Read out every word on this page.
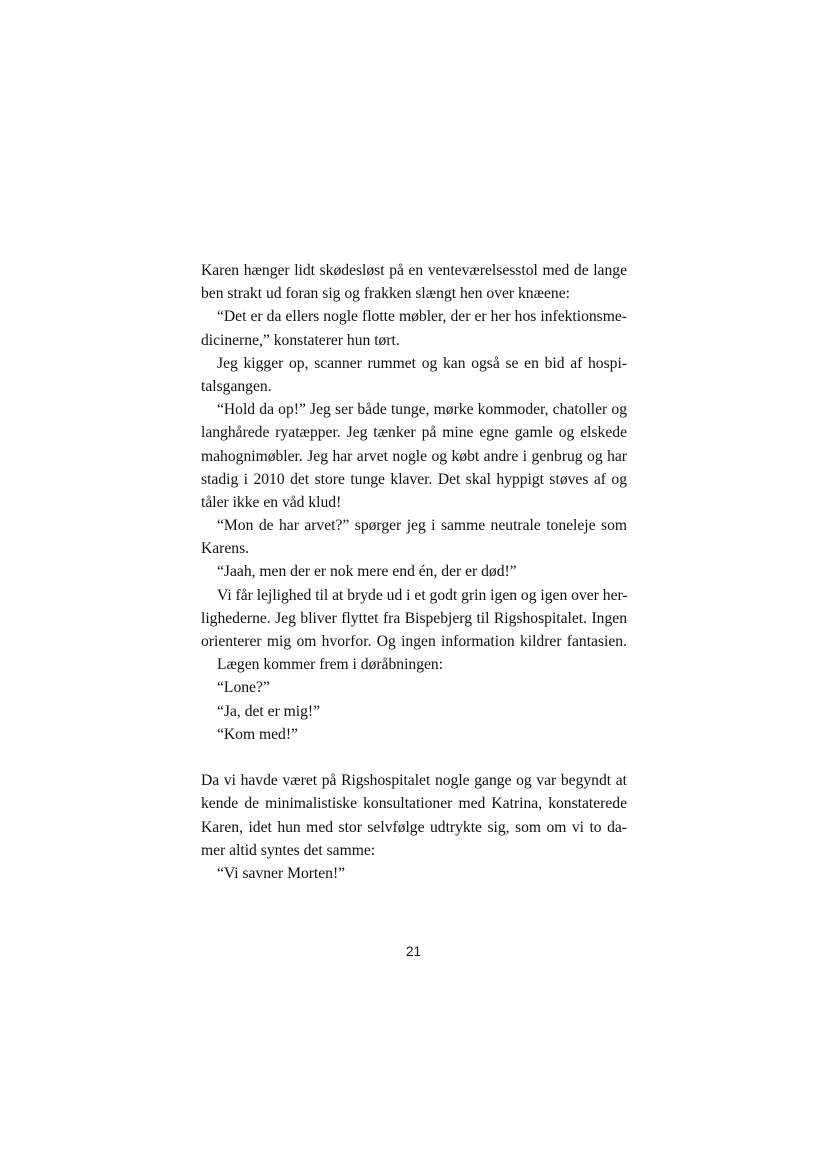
Karen hænger lidt skødesløst på en venteværelsesstol med de lange
ben strakt ud foran sig og frakken slængt hen over knæene:
“Det er da ellers nogle flotte møbler, der er her hos infektionsme-
dicinerne,” konstaterer hun tørt.
Jeg kigger op, scanner rummet og kan også se en bid af hospi-
talsgangen.
“Hold da op!” Jeg ser både tunge, mørke kommoder, chatoller og
langhårede ryatæpper. Jeg tænker på mine egne gamle og elskede
mahognimøbler. Jeg har arvet nogle og købt andre i genbrug og har
stadig i 2010 det store tunge klaver. Det skal hyppigt støves af og
tåler ikke en våd klud!
“Mon de har arvet?” spørger jeg i samme neutrale toneleje som
Karens.
“Jaah, men der er nok mere end én, der er død!”
Vi får lejlighed til at bryde ud i et godt grin igen og igen over her-
lighederne. Jeg bliver flyttet fra Bispebjerg til Rigshospitalet. Ingen
orienterer mig om hvorfor. Og ingen information kildrer fantasien.
Lægen kommer frem i døråbningen:
“Lone?”
“Ja, det er mig!”
“Kom med!”
Da vi havde været på Rigshospitalet nogle gange og var begyndt at
kende de minimalistiske konsultationer med Katrina, konstaterede
Karen, idet hun med stor selvfølge udtrykte sig, som om vi to da-
mer altid syntes det samme:
“Vi savner Morten!”
21
